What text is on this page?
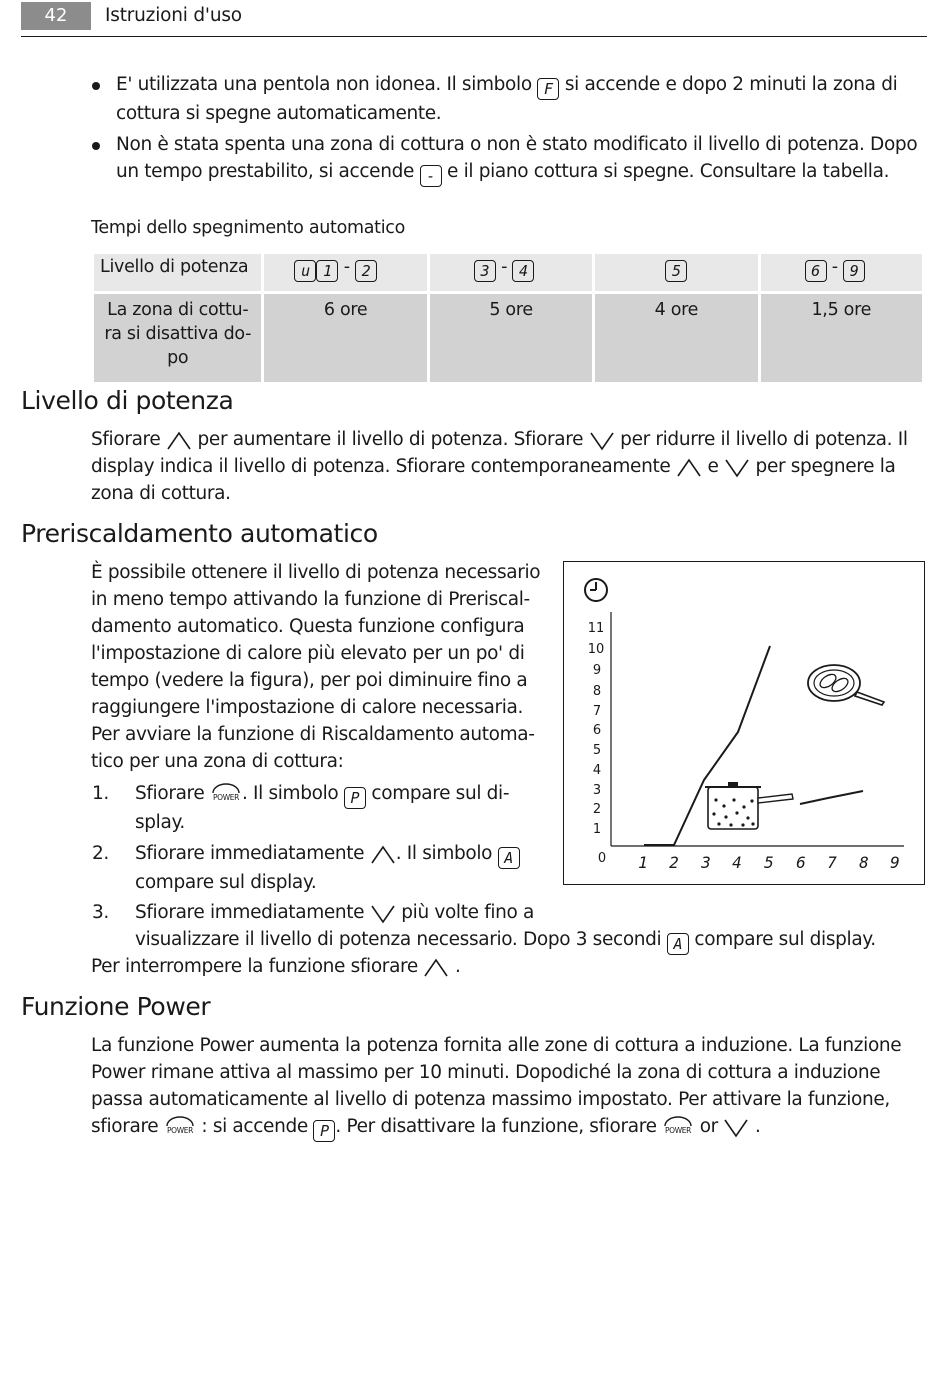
42	Istruzioni d'uso
E' utilizzata una pentola non idonea. Il simbolo F si accende e dopo 2 minuti la zona di cottura si spegne automaticamente.
Non è stata spenta una zona di cottura o non è stato modificato il livello di potenza. Dopo un tempo prestabilito, si accende - e il piano cottura si spegne. Consultare la tabella.
Tempi dello spegnimento automatico
Livello di potenza	u 1 - 2	3 - 4	5	6 - 9

La zona di cottu-
ra si disattiva do-
po	6 ore	5 ore	4 ore	1,5 ore
Livello di potenza
Sfiorare  per aumentare il livello di potenza. Sfiorare  per ridurre il livello di potenza. Il
display indica il livello di potenza. Sfiorare contemporaneamente  e  per spegnere la
zona di cottura.
Preriscaldamento automatico
È possibile ottenere il livello di potenza necessario
in meno tempo attivando la funzione di Preriscal-
damento automatico. Questa funzione configura
l'impostazione di calore più elevato per un po' di
tempo (vedere la figura), per poi diminuire fino a
raggiungere l'impostazione di calore necessaria.
Per avviare la funzione di Riscaldamento automa-
tico per una zona di cottura:
1. Sfiorare POWER . Il simbolo P compare sul di-
splay.
2. Sfiorare immediatamente . Il simbolo A
compare sul display.
3. Sfiorare immediatamente  più volte fino a
visualizzare il livello di potenza necessario. Dopo 3 secondi A compare sul display.
Per interrompere la funzione sfiorare  .
11
10
9
8
7
6
5
4
3
2
1
0 1 2 3 4 5 6 7 8 9
Funzione Power
La funzione Power aumenta la potenza fornita alle zone di cottura a induzione. La funzione
Power rimane attiva al massimo per 10 minuti. Dopodiché la zona di cottura a induzione
passa automaticamente al livello di potenza massimo impostato. Per attivare la funzione,
sfiorare POWER : si accende P . Per disattivare la funzione, sfiorare POWER or  .
